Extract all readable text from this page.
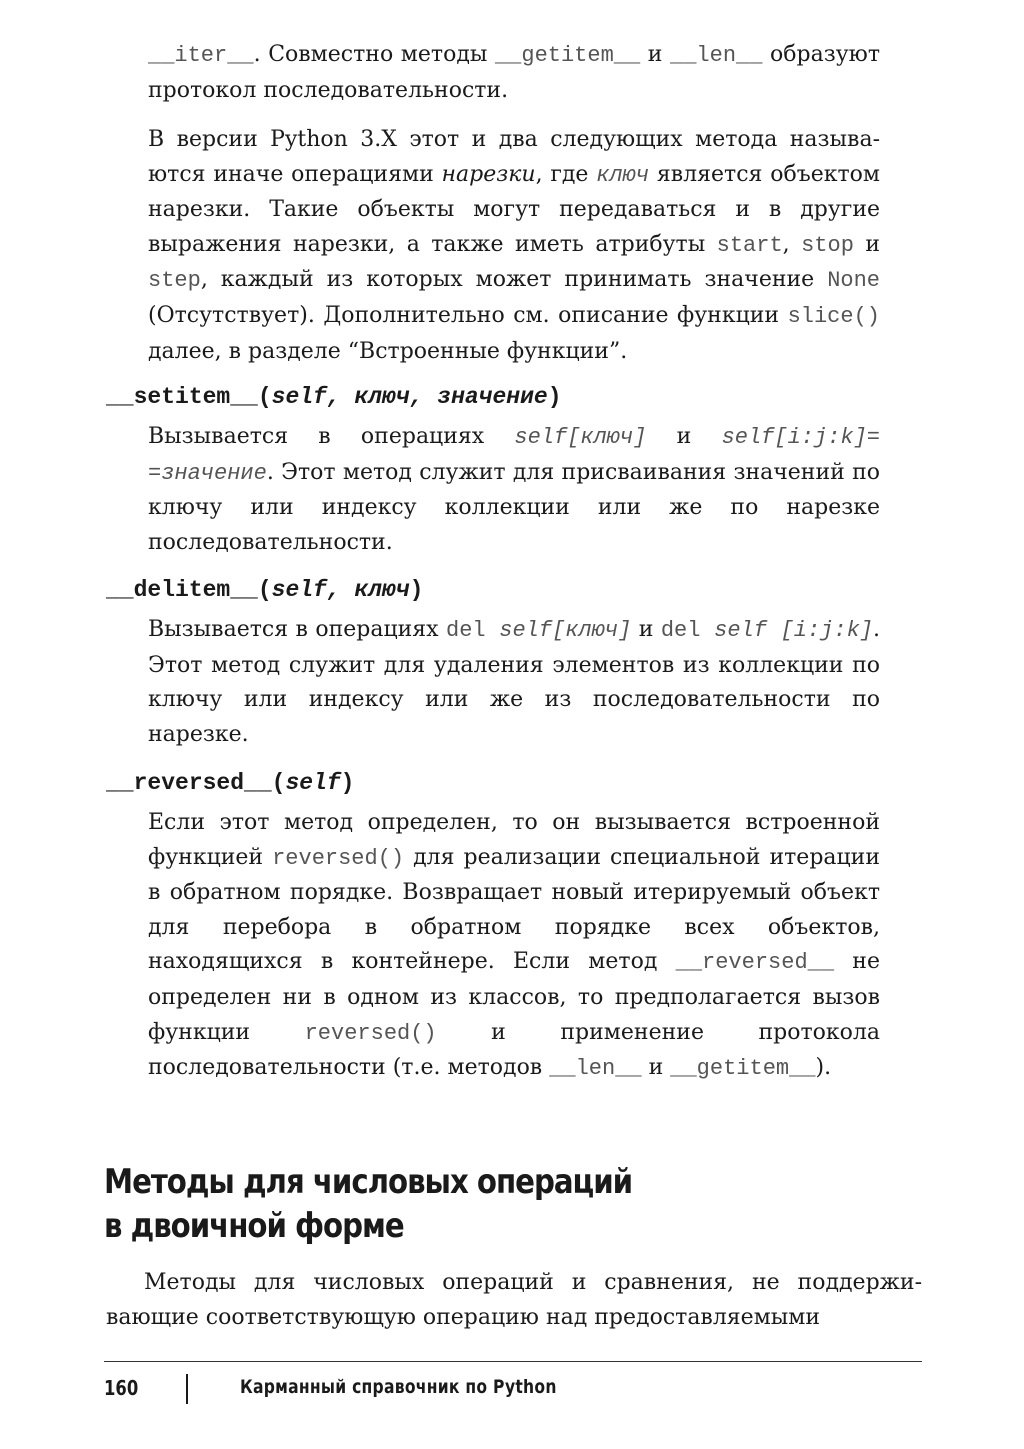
__iter__. Совместно методы __getitem__ и __len__ образуют протокол последовательности.

В версии Python 3.X этот и два следующих метода называются иначе операциями нарезки, где ключ является объектом нарезки. Такие объекты могут передаваться и в другие выражения нарезки, а также иметь атрибуты start, stop и step, каждый из которых может принимать значение None (Отсутствует). Дополнительно см. описание функции slice() далее, в разделе “Встроенные функции”.

__setitem__(self, ключ, значение)

Вызывается в операциях self[ключ] и self[i:j:k]= =значение. Этот метод служит для присваивания значений по ключу или индексу коллекции или же по нарезке последовательности.

__delitem__(self, ключ)

Вызывается в операциях del self[ключ] и del self [i:j:k]. Этот метод служит для удаления элементов из коллекции по ключу или индексу или же из последовательности по нарезке.

__reversed__(self)

Если этот метод определен, то он вызывается встроенной функцией reversed() для реализации специальной итерации в обратном порядке. Возвращает новый итерируемый объект для перебора в обратном порядке всех объектов, находящихся в контейнере. Если метод __reversed__ не определен ни в одном из классов, то предполагается вызов функции reversed() и применение протокола последовательности (т.е. методов __len__ и __getitem__).

Методы для числовых операций
в двоичной форме

Методы для числовых операций и сравнения, не поддерживающие соответствующую операцию над предоставляемыми

160	Карманный справочник по Python
